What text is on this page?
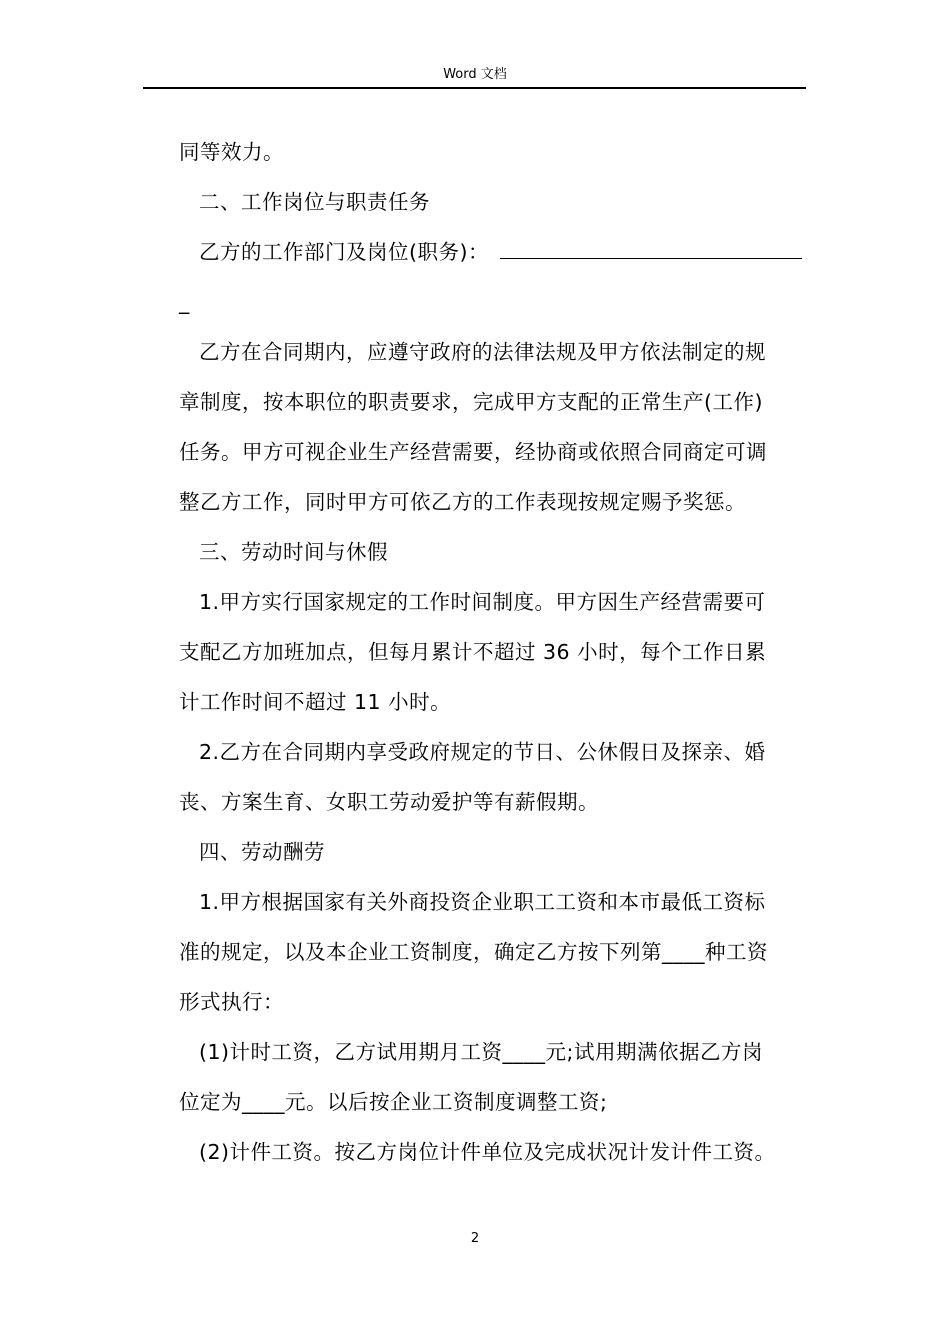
Word 文档
同等效力。
二、工作岗位与职责任务
乙方的工作部门及岗位(职务)：
_
乙方在合同期内，应遵守政府的法律法规及甲方依法制定的规
章制度，按本职位的职责要求，完成甲方支配的正常生产(工作)
任务。甲方可视企业生产经营需要，经协商或依照合同商定可调
整乙方工作，同时甲方可依乙方的工作表现按规定赐予奖惩。
三、劳动时间与休假
1.甲方实行国家规定的工作时间制度。甲方因生产经营需要可
支配乙方加班加点，但每月累计不超过 36 小时，每个工作日累
计工作时间不超过 11 小时。
2.乙方在合同期内享受政府规定的节日、公休假日及探亲、婚
丧、方案生育、女职工劳动爱护等有薪假期。
四、劳动酬劳
1.甲方根据国家有关外商投资企业职工工资和本市最低工资标
准的规定，以及本企业工资制度，确定乙方按下列第____种工资
形式执行：
(1)计时工资，乙方试用期月工资____元;试用期满依据乙方岗
位定为____元。以后按企业工资制度调整工资;
(2)计件工资。按乙方岗位计件单位及完成状况计发计件工资。
2
